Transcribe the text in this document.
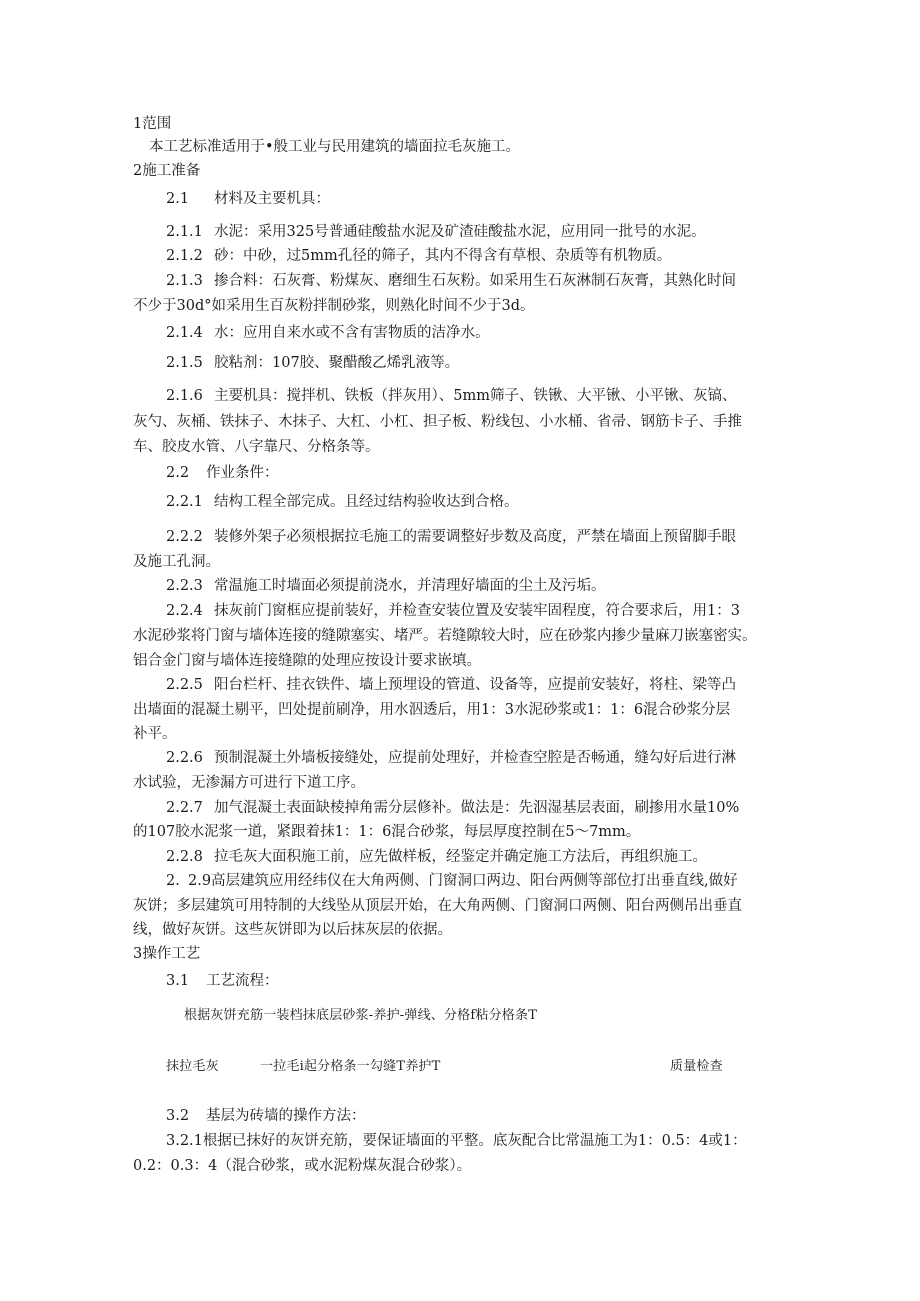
1范围
本工艺标准适用于•般工业与民用建筑的墙面拉毛灰施工。
2施工准备
2.1 材料及主要机具：
2.1.1 水泥：采用325号普通硅酸盐水泥及矿渣硅酸盐水泥，应用同一批号的水泥。
2.1.2 砂：中砂，过5mm孔径的筛子，其内不得含有草根、杂质等有机物质。
2.1.3 掺合料：石灰膏、粉煤灰、磨细生石灰粉。如采用生石灰淋制石灰膏，其熟化时间
不少于30d°如采用生百灰粉拌制砂浆，则熟化时间不少于3d。
2.1.4 水：应用自来水或不含有害物质的洁净水。
2.1.5 胶粘剂：107胶、聚醋酸乙烯乳液等。
2.1.6 主要机具：搅拌机、铁板（拌灰用）、5mm筛子、铁锹、大平锹、小平锹、灰镐、
灰勺、灰桶、铁抹子、木抹子、大杠、小杠、担子板、粉线包、小水桶、省帚、钢筋卡子、手推
车、胶皮水管、八字靠尺、分格条等。
2.2 作业条件：
2.2.1 结构工程全部完成。且经过结构验收达到合格。
2.2.2 装修外架子必须根据拉毛施工的需要调整好步数及高度，严禁在墙面上预留脚手眼
及施工孔洞。
2.2.3 常温施工时墙面必须提前浇水，并清理好墙面的尘土及污垢。
2.2.4 抹灰前门窗框应提前装好，并检查安装位置及安装牢固程度，符合要求后，用1：3
水泥砂浆将门窗与墙体连接的缝隙塞实、堵严。若缝隙较大时，应在砂浆内掺少量麻刀嵌塞密实。
铝合金门窗与墙体连接缝隙的处理应按设计要求嵌填。
2.2.5 阳台栏杆、挂衣铁件、墙上预埋设的管道、设备等，应提前安装好，将柱、梁等凸
出墙面的混凝土剔平，凹处提前刷净，用水泅透后，用1：3水泥砂浆或1：1：6混合砂浆分层
补平。
2.2.6 预制混凝土外墙板接缝处，应提前处理好，并检查空腔是否畅通，缝勾好后进行淋
水试验，无渗漏方可进行下道工序。
2.2.7 加气混凝土表面缺棱掉角需分层修补。做法是：先泅湿基层表面，刷掺用水量10%
的107胶水泥浆一道，紧跟着抹1：1：6混合砂浆，每层厚度控制在5〜7mm。
2.2.8 拉毛灰大面积施工前，应先做样板，经鉴定并确定施工方法后，再组织施工。
2. 2.9高层建筑应用经纬仪在大角两侧、门窗洞口两边、阳台两侧等部位打出垂直线,做好
灰饼；多层建筑可用特制的大线坠从顶层开始，在大角两侧、门窗洞口两侧、阳台两侧吊出垂直
线，做好灰饼。这些灰饼即为以后抹灰层的依据。
3操作工艺
3.1 工艺流程：
根据灰饼充筋一装档抹底层砂浆-养护-弹线、分格f粘分格条T
抹拉毛灰	一拉毛i起分格条一勾缝T养护T	质量检查
3.2 基层为砖墙的操作方法：
3.2.1根据已抹好的灰饼充筋，要保证墙面的平整。底灰配合比常温施工为1：0.5：4或1：
0.2：0.3：4（混合砂浆，或水泥粉煤灰混合砂浆）。
